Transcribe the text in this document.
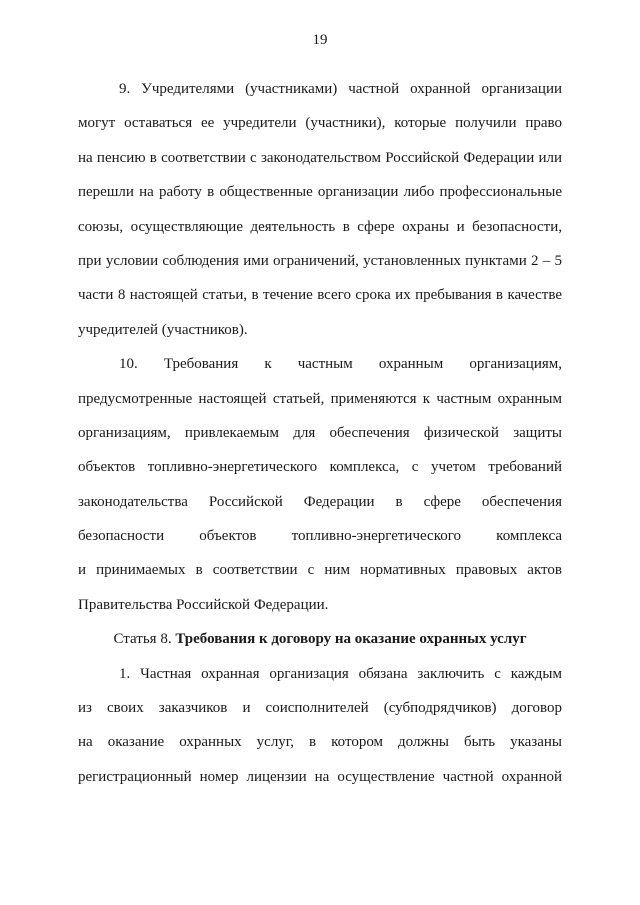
19
9. Учредителями (участниками) частной охранной организации
могут оставаться ее учредители (участники), которые получили право
на пенсию в соответствии с законодательством Российской Федерации или
перешли на работу в общественные организации либо профессиональные
союзы, осуществляющие деятельность в сфере охраны и безопасности,
при условии соблюдения ими ограничений, установленных пунктами 2 – 5
части 8 настоящей статьи, в течение всего срока их пребывания в качестве
учредителей (участников).
10. Требования к частным охранным организациям,
предусмотренные настоящей статьей, применяются к частным охранным
организациям, привлекаемым для обеспечения физической защиты
объектов топливно-энергетического комплекса, с учетом требований
законодательства Российской Федерации в сфере обеспечения
безопасности объектов топливно-энергетического комплекса
и принимаемых в соответствии с ним нормативных правовых актов
Правительства Российской Федерации.
Статья 8. Требования к договору на оказание охранных услуг
1. Частная охранная организация обязана заключить с каждым
из своих заказчиков и соисполнителей (субподрядчиков) договор
на оказание охранных услуг, в котором должны быть указаны
регистрационный номер лицензии на осуществление частной охранной
